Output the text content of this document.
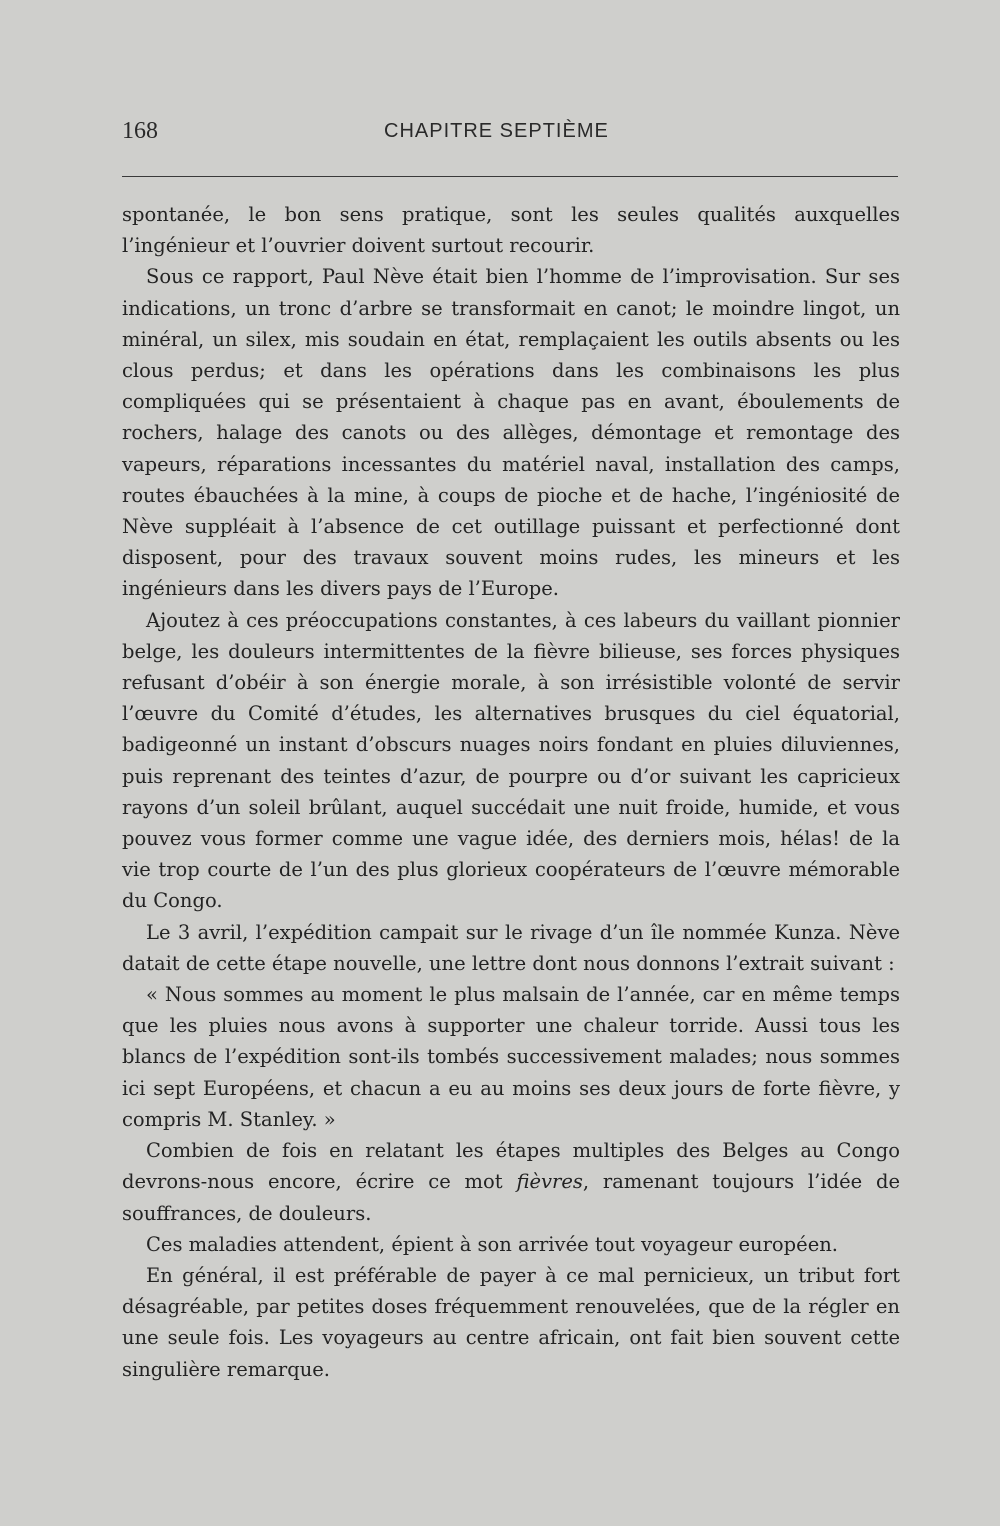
168	CHAPITRE SEPTIÈME

spontanée, le bon sens pratique, sont les seules qualités auxquelles l’ingénieur et l’ouvrier doivent surtout recourir.

Sous ce rapport, Paul Nève était bien l’homme de l’improvisation. Sur ses indications, un tronc d’arbre se transformait en canot; le moindre lingot, un minéral, un silex, mis soudain en état, remplaçaient les outils absents ou les clous perdus; et dans les opérations dans les combinaisons les plus compliquées qui se présentaient à chaque pas en avant, éboulements de rochers, halage des canots ou des allèges, démontage et remontage des vapeurs, réparations incessantes du matériel naval, installation des camps, routes ébauchées à la mine, à coups de pioche et de hache, l’ingéniosité de Nève suppléait à l’absence de cet outillage puissant et perfectionné dont disposent, pour des travaux souvent moins rudes, les mineurs et les ingénieurs dans les divers pays de l’Europe.

Ajoutez à ces préoccupations constantes, à ces labeurs du vaillant pionnier belge, les douleurs intermittentes de la fièvre bilieuse, ses forces physiques refusant d’obéir à son énergie morale, à son irrésistible volonté de servir l’œuvre du Comité d’études, les alternatives brusques du ciel équatorial, badigeonné un instant d’obscurs nuages noirs fondant en pluies diluviennes, puis reprenant des teintes d’azur, de pourpre ou d’or suivant les capricieux rayons d’un soleil brûlant, auquel succédait une nuit froide, humide, et vous pouvez vous former comme une vague idée, des derniers mois, hélas! de la vie trop courte de l’un des plus glorieux coopérateurs de l’œuvre mémorable du Congo.

Le 3 avril, l’expédition campait sur le rivage d’un île nommée Kunza. Nève datait de cette étape nouvelle, une lettre dont nous donnons l’extrait suivant :

« Nous sommes au moment le plus malsain de l’année, car en même temps que les pluies nous avons à supporter une chaleur torride. Aussi tous les blancs de l’expédition sont-ils tombés successivement malades; nous sommes ici sept Européens, et chacun a eu au moins ses deux jours de forte fièvre, y compris M. Stanley. »

Combien de fois en relatant les étapes multiples des Belges au Congo devrons-nous encore, écrire ce mot fièvres, ramenant toujours l’idée de souffrances, de douleurs.

Ces maladies attendent, épient à son arrivée tout voyageur européen.

En général, il est préférable de payer à ce mal pernicieux, un tribut fort désagréable, par petites doses fréquemment renouvelées, que de la régler en une seule fois. Les voyageurs au centre africain, ont fait bien souvent cette singulière remarque.
